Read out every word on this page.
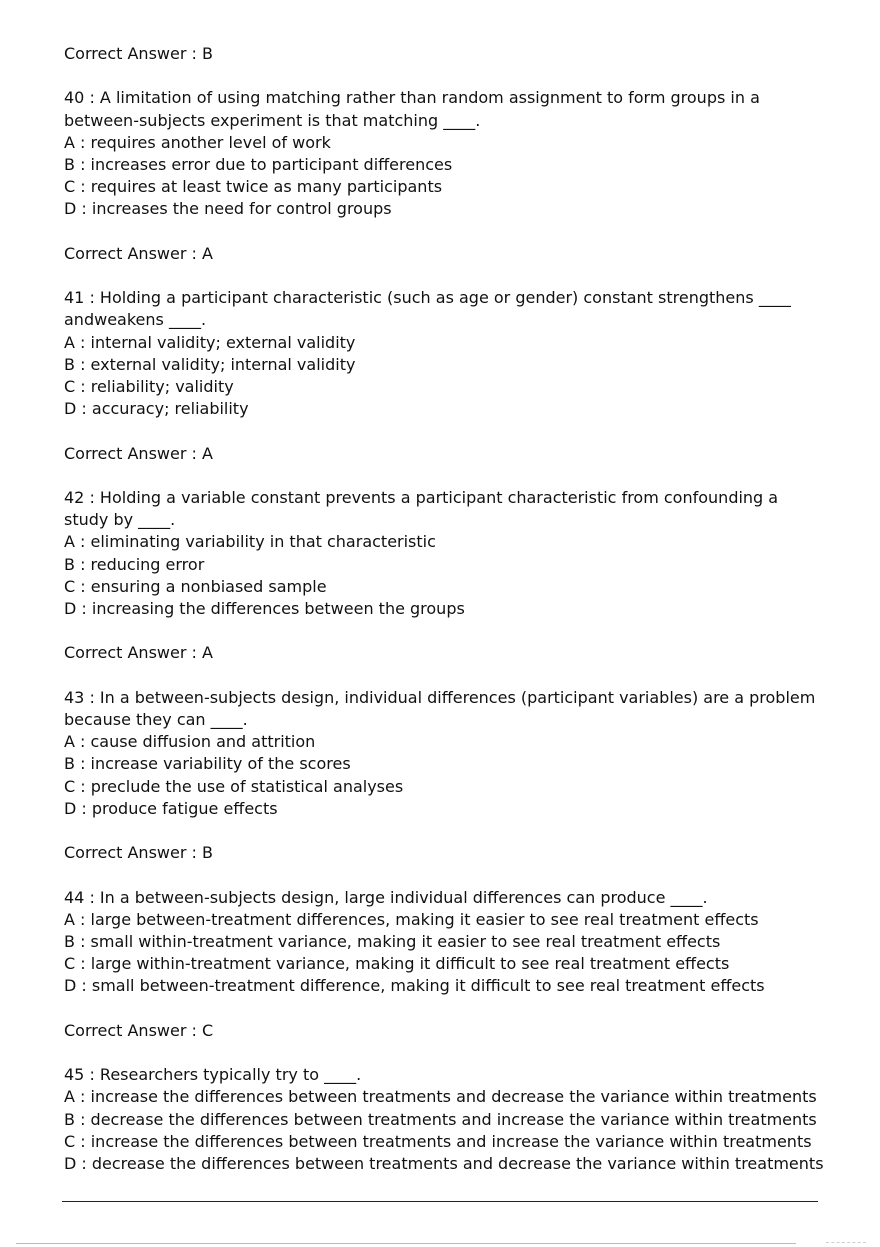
Correct Answer : B

40 : A limitation of using matching rather than random assignment to form groups in a between-subjects experiment is that matching ____.

A : requires another level of work

B : increases error due to participant differences

C : requires at least twice as many participants

D : increases the need for control groups

Correct Answer : A

41 : Holding a participant characteristic (such as age or gender) constant strengthens ____ andweakens ____.

A : internal validity; external validity

B : external validity; internal validity

C : reliability; validity

D : accuracy; reliability

Correct Answer : A

42 : Holding a variable constant prevents a participant characteristic from confounding a study by ____.

A : eliminating variability in that characteristic

B : reducing error

C : ensuring a nonbiased sample

D : increasing the differences between the groups

Correct Answer : A

43 : In a between-subjects design, individual differences (participant variables) are a problem because they can ____.

A : cause diffusion and attrition

B : increase variability of the scores

C : preclude the use of statistical analyses

D : produce fatigue effects

Correct Answer : B

44 : In a between-subjects design, large individual differences can produce ____.

A : large between-treatment differences, making it easier to see real treatment effects

B : small within-treatment variance, making it easier to see real treatment effects

C : large within-treatment variance, making it difficult to see real treatment effects

D : small between-treatment difference, making it difficult to see real treatment effects

Correct Answer : C

45 : Researchers typically try to ____.

A : increase the differences between treatments and decrease the variance within treatments

B : decrease the differences between treatments and increase the variance within treatments

C : increase the differences between treatments and increase the variance within treatments

D : decrease the differences between treatments and decrease the variance within treatments
